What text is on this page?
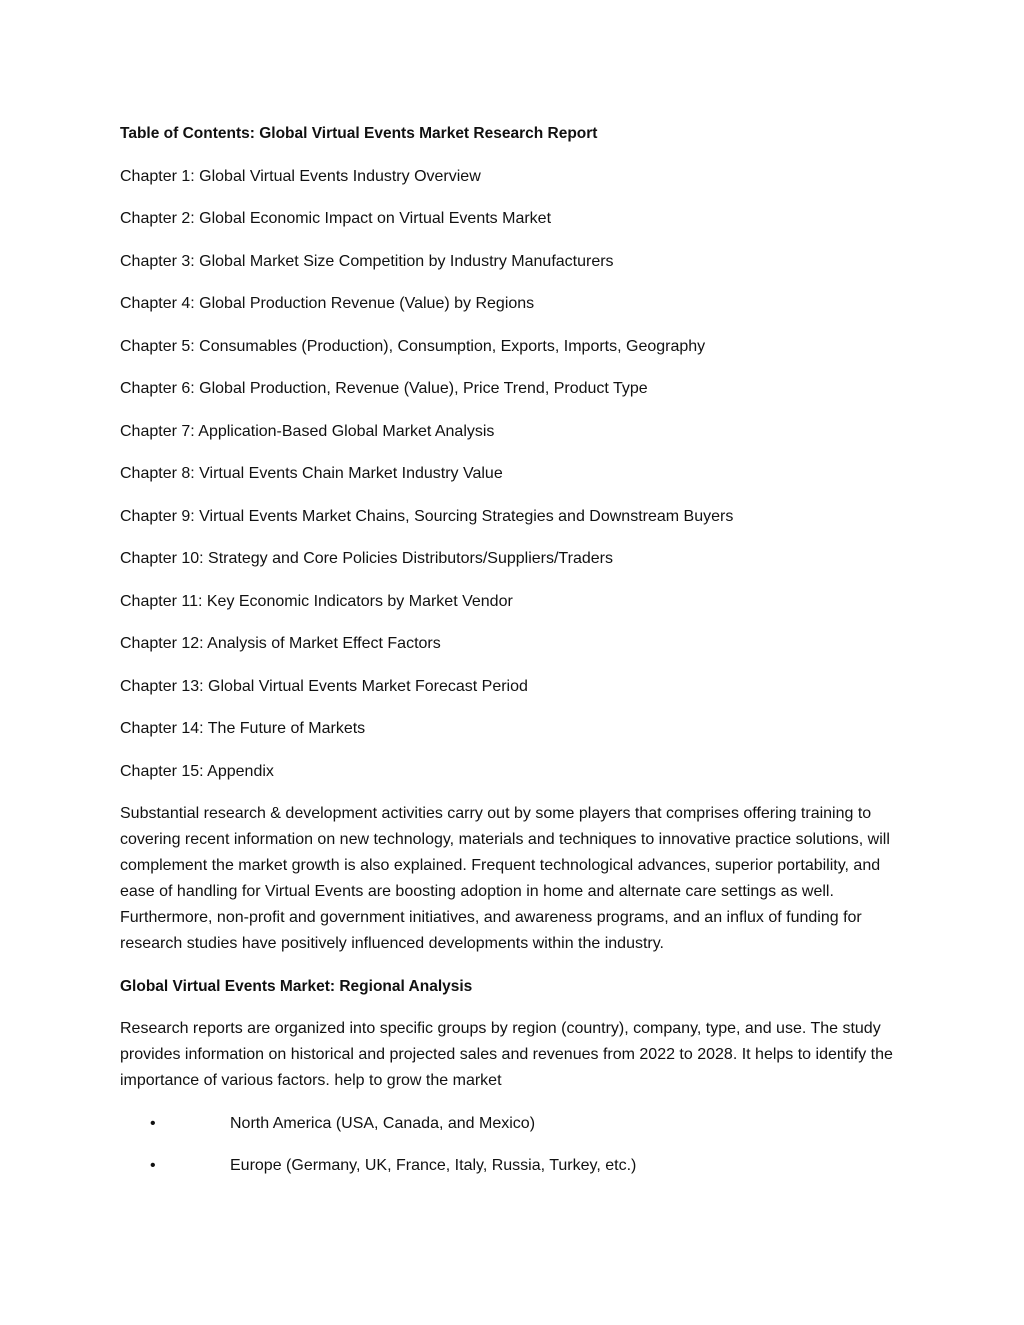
Table of Contents: Global Virtual Events Market Research Report
Chapter 1: Global Virtual Events Industry Overview
Chapter 2: Global Economic Impact on Virtual Events Market
Chapter 3: Global Market Size Competition by Industry Manufacturers
Chapter 4: Global Production Revenue (Value) by Regions
Chapter 5: Consumables (Production), Consumption, Exports, Imports, Geography
Chapter 6: Global Production, Revenue (Value), Price Trend, Product Type
Chapter 7: Application-Based Global Market Analysis
Chapter 8: Virtual Events Chain Market Industry Value
Chapter 9: Virtual Events Market Chains, Sourcing Strategies and Downstream Buyers
Chapter 10: Strategy and Core Policies Distributors/Suppliers/Traders
Chapter 11: Key Economic Indicators by Market Vendor
Chapter 12: Analysis of Market Effect Factors
Chapter 13: Global Virtual Events Market Forecast Period
Chapter 14: The Future of Markets
Chapter 15: Appendix

Substantial research & development activities carry out by some players that comprises offering training to covering recent information on new technology, materials and techniques to innovative practice solutions, will complement the market growth is also explained. Frequent technological advances, superior portability, and ease of handling for Virtual Events are boosting adoption in home and alternate care settings as well. Furthermore, non-profit and government initiatives, and awareness programs, and an influx of funding for research studies have positively influenced developments within the industry.

Global Virtual Events Market: Regional Analysis

Research reports are organized into specific groups by region (country), company, type, and use. The study provides information on historical and projected sales and revenues from 2022 to 2028. It helps to identify the importance of various factors. help to grow the market

•	North America (USA, Canada, and Mexico)
•	Europe (Germany, UK, France, Italy, Russia, Turkey, etc.)
